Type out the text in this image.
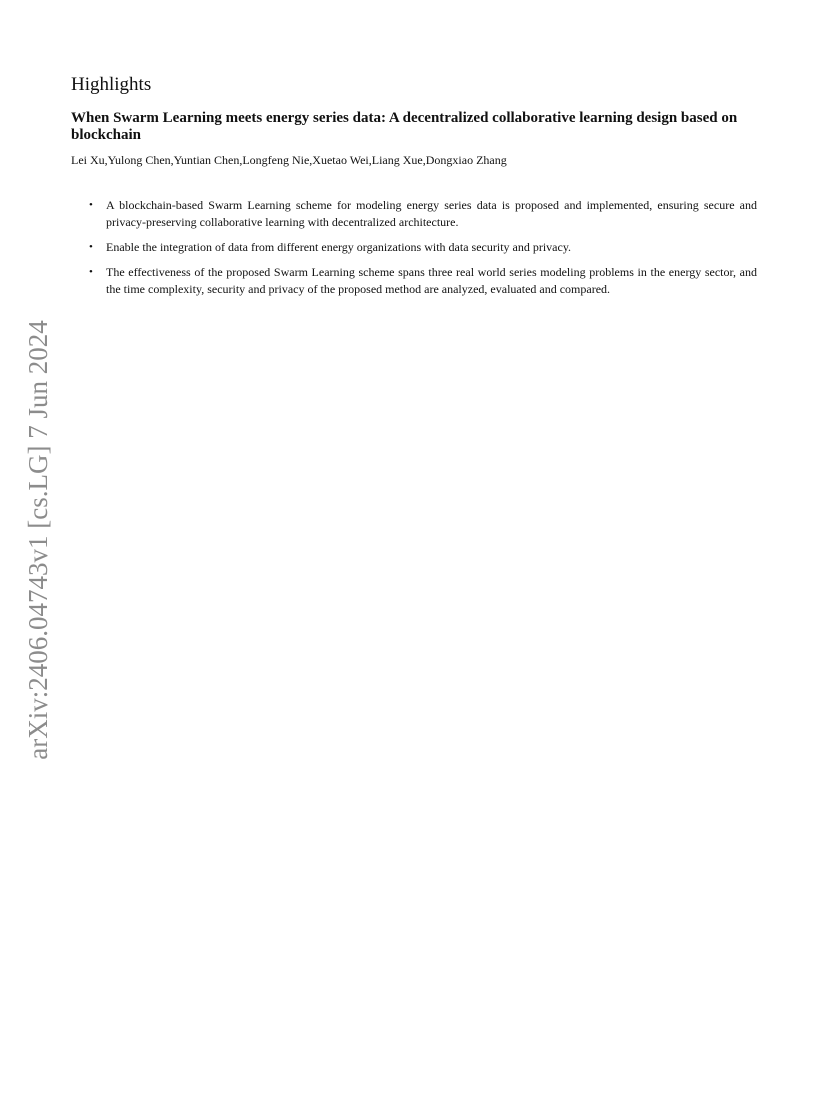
Highlights
When Swarm Learning meets energy series data: A decentralized collaborative learning design based on blockchain

Lei Xu,Yulong Chen,Yuntian Chen,Longfeng Nie,Xuetao Wei,Liang Xue,Dongxiao Zhang

• A blockchain-based Swarm Learning scheme for modeling energy series data is proposed and implemented, ensuring secure and privacy-preserving collaborative learning with decentralized architecture.
• Enable the integration of data from different energy organizations with data security and privacy.
• The effectiveness of the proposed Swarm Learning scheme spans three real world series modeling problems in the energy sector, and the time complexity, security and privacy of the proposed method are analyzed, evaluated and compared.
arXiv:2406.04743v1 [cs.LG] 7 Jun 2024
